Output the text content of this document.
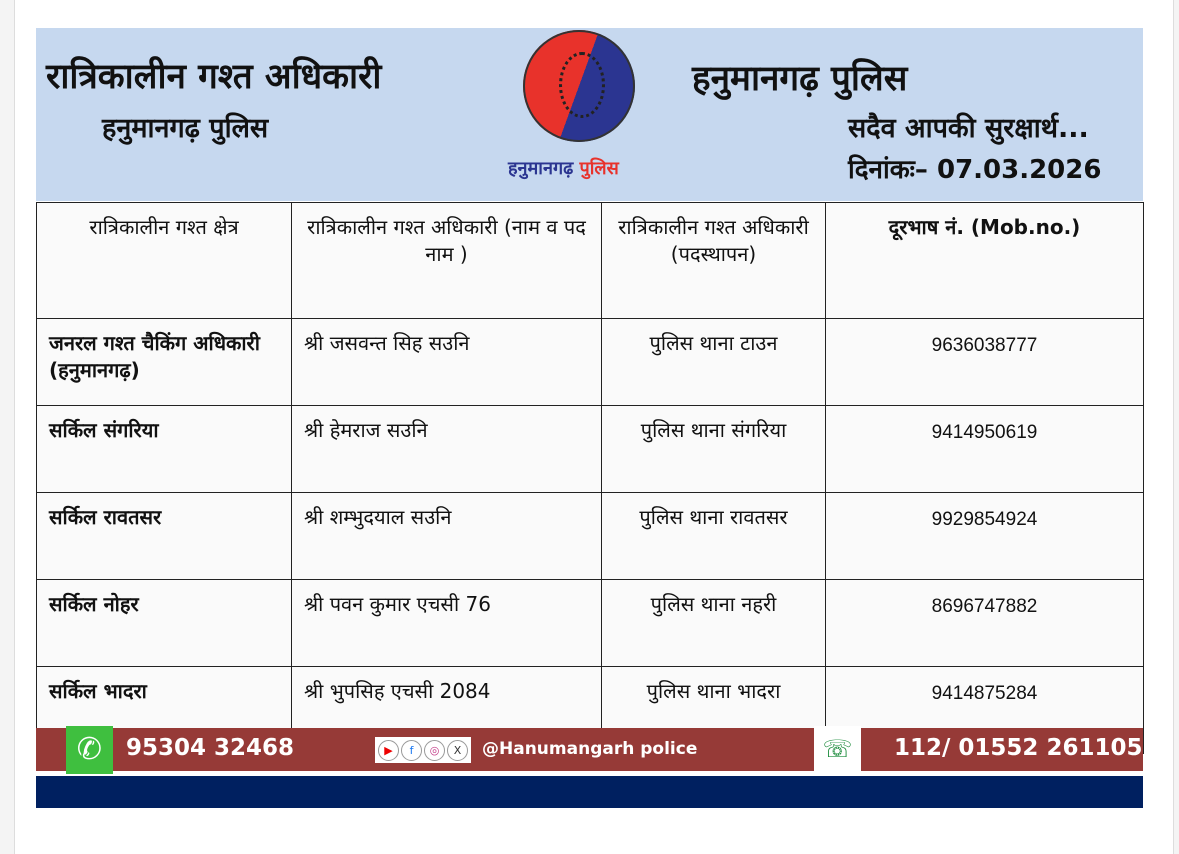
रात्रिकालीन गश्त अधिकारी
हनुमानगढ़ पुलिस
हनुमानगढ़ पुलिस
हनुमानगढ़ पुलिस
सदैव आपकी सुरक्षार्थ...
दिनांकः– 07.03.2026
रात्रिकालीन गश्त क्षेत्र	रात्रिकालीन गश्त अधिकारी (नाम व पद नाम )	रात्रिकालीन गश्त अधिकारी (पदस्थापन)	दूरभाष नं. (Mob.no.)
जनरल गश्त चैकिंग अधिकारी (हनुमानगढ़)	श्री जसवन्त सिह सउनि	पुलिस थाना टाउन	9636038777
सर्किल संगरिया	श्री हेमराज सउनि	पुलिस थाना संगरिया	9414950619
सर्किल रावतसर	श्री शम्भुदयाल सउनि	पुलिस थाना रावतसर	9929854924
सर्किल नोहर	श्री पवन कुमार एचसी 76	पुलिस थाना नहरी	8696747882
सर्किल भादरा	श्री भुपसिह एचसी 2084	पुलिस थाना भादरा	9414875284
✆	95304 32468	▶	f	◎	X	@Hanumangarh police	☏	112/ 01552 261105
